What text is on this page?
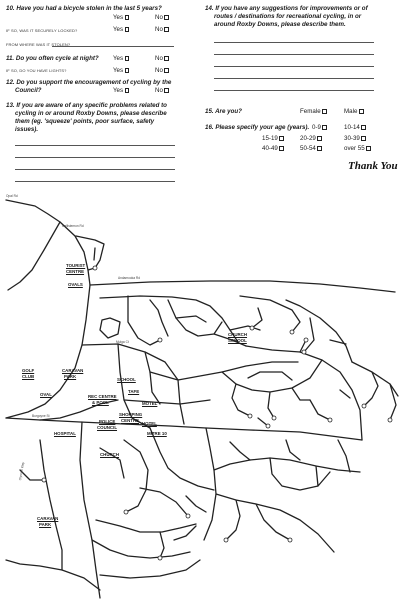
10. Have you had a bicycle stolen in the last 5 years?
Yes	No
IF SO, WAS IT SECURELY LOCKED?	Yes	No
FROM WHERE WAS IT STOLEN?
11. Do you often cycle at night? Yes	No
IF SO, DO YOU HAVE LIGHTS?	Yes	No
12. Do you support the encouragement of cycling by the
Council?	Yes	No
13. If you are aware of any specific problems related to
cycling in or around Roxby Downs, please describe
them (eg. 'squeeze' points, poor surface, safety
issues).
14. If you have any suggestions for improvements or of
routes / destinations for recreational cycling, in or
around Roxby Downs, please describe them.
15. Are you?	Female	Male
16. Please specify your age (years). 0-9	10-14
15-19	20-29	30-39
40-49	50-54	over 55
Thank You
TOURIST
CENTRE
OVALS
CHURCH
SCHOOL
GOLF
CLUB
CARAVAN
PARK
SCHOOL
OVAL	REC CENTRE
& POOL
TAFE
MOTEL
POLICE
COUNCIL
SHOPPING
CENTRE
HOTEL
MITRE 10
HOSPITAL
CHURCH
CARAVAN
PARK
Opal Rd
Callistemon Rd
Andamooka Rd
Burgoyne St
Mulga Ct
Olympic Way
